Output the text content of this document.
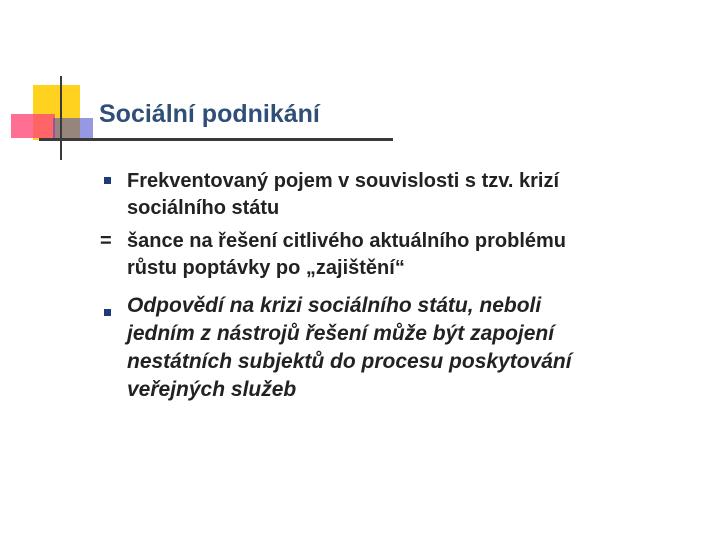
Sociální podnikání
Frekventovaný pojem v souvislosti s tzv. krizí
sociálního státu
= šance na řešení citlivého aktuálního problému
růstu poptávky po „zajištění“
Odpovědí na krizi sociálního státu, neboli
jedním z nástrojů řešení může být zapojení
nestátních subjektů do procesu poskytování
veřejných služeb
